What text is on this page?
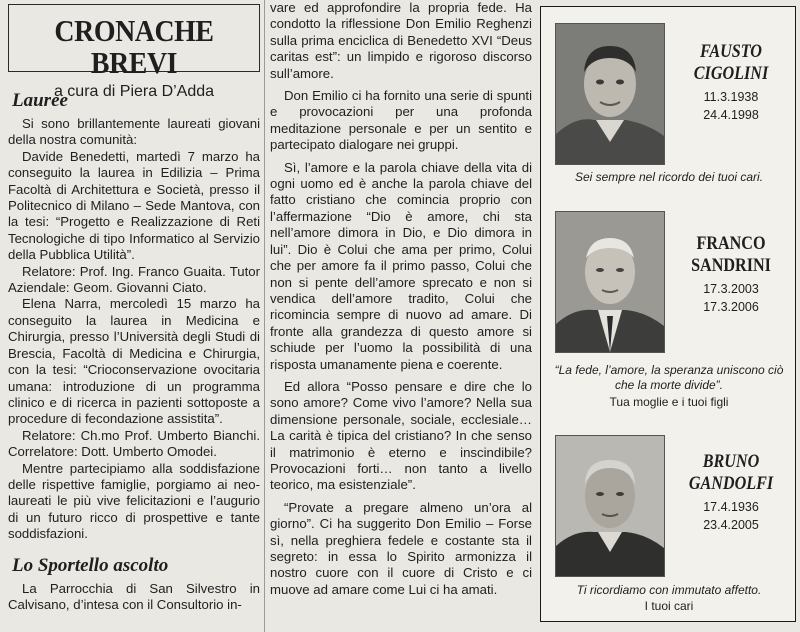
CRONACHE BREVI
a cura di Piera D’Adda
Lauree

Si sono brillantemente laureati giovani della nostra comunità:

Davide Benedetti, martedì 7 marzo ha conseguito la laurea in Edilizia – Prima Facoltà di Architettura e Società, presso il Politecnico di Milano – Sede Mantova, con la tesi: “Progetto e Realizzazione di Reti Tecnologiche di tipo Informatico al Servizio della Pubblica Utilità”.

Relatore: Prof. Ing. Franco Guaita. Tutor Aziendale: Geom. Giovanni Ciato.

Elena Narra, mercoledì 15 marzo ha conseguito la laurea in Medicina e Chirurgia, presso l’Università degli Studi di Brescia, Facoltà di Medicina e Chirurgia, con la tesi: “Crioconservazione ovocitaria umana: introduzione di un programma clinico e di ricerca in pazienti sottoposte a procedure di fecondazione assistita”.

Relatore: Ch.mo Prof. Umberto Bianchi. Correlatore: Dott. Umberto Omodei.

Mentre partecipiamo alla soddisfazione delle rispettive famiglie, porgiamo ai neo-laureati le più vive felicitazioni e l’augurio di un futuro ricco di prospettive e tante soddisfazioni.

Lo Sportello ascolto

La Parrocchia di San Silvestro in Calvisano, d’intesa con il Consultorio in-

vare ed approfondire la propria fede. Ha condotto la riflessione Don Emilio Reghenzi sulla prima enciclica di Benedetto XVI “Deus caritas est”: un limpido e rigoroso discorso sull’amore.

Don Emilio ci ha fornito una serie di spunti e provocazioni per una profonda meditazione personale e per un sentito e partecipato dialogare nei gruppi.

Sì, l’amore e la parola chiave della vita di ogni uomo ed è anche la parola chiave del fatto cristiano che comincia proprio con l’affermazione “Dio è amore, chi sta nell’amore dimora in Dio, e Dio dimora in lui”. Dio è Colui che ama per primo, Colui che per amore fa il primo passo, Colui che non si pente dell’amore sprecato e non si vendica dell’amore tradito, Colui che ricomincia sempre di nuovo ad amare. Di fronte alla grandezza di questo amore si schiude per l’uomo la possibilità di una risposta umanamente piena e coerente.

Ed allora “Posso pensare e dire che lo sono amore? Come vivo l’amore? Nella sua dimensione personale, sociale, ecclesiale… La carità è tipica del cristiano? In che senso il matrimonio è eterno e inscindibile? Provocazioni forti… non tanto a livello teorico, ma esistenziale”.

“Provate a pregare almeno un’ora al giorno”. Ci ha suggerito Don Emilio – Forse sì, nella preghiera fedele e costante sta il segreto: in essa lo Spirito armonizza il nostro cuore con il cuore di Cristo e ci muove ad amare come Lui ci ha amati.

FAUSTO
CIGOLINI
11.3.1938
24.4.1998
Sei sempre nel ricordo dei tuoi cari.
FRANCO
SANDRINI
17.3.2003
17.3.2006
“La fede, l’amore, la speranza uniscono ciò che la morte divide”.
Tua moglie e i tuoi figli
BRUNO
GANDOLFI
17.4.1936
23.4.2005
Ti ricordiamo con immutato affetto.
I tuoi cari
